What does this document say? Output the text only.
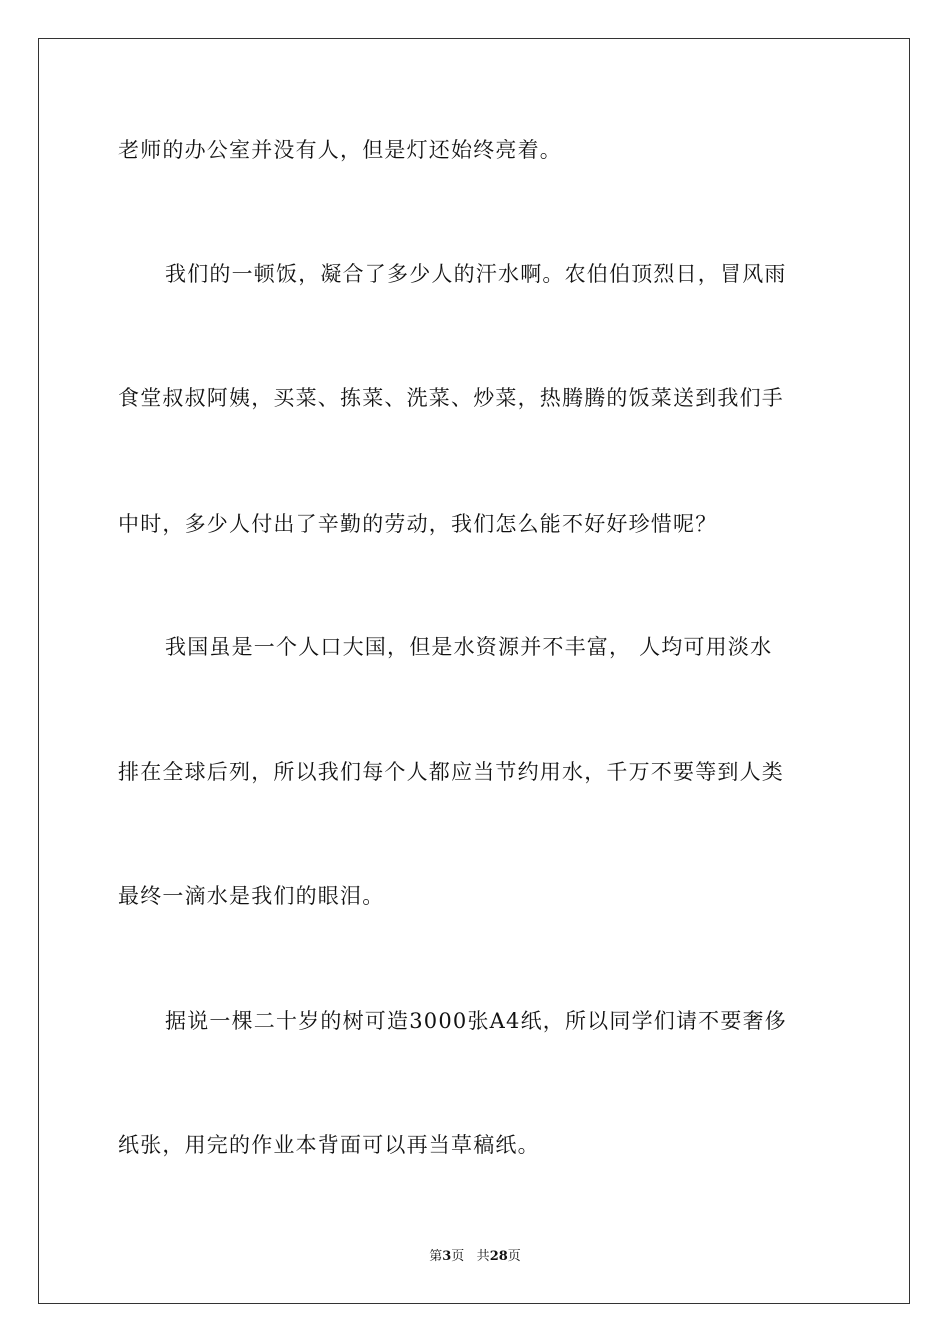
老师的办公室并没有人，但是灯还始终亮着。
我们的一顿饭，凝合了多少人的汗水啊。农伯伯顶烈日，冒风雨
食堂叔叔阿姨，买菜、拣菜、洗菜、炒菜，热腾腾的饭菜送到我们手
中时，多少人付出了辛勤的劳动，我们怎么能不好好珍惜呢？
我国虽是一个人口大国，但是水资源并不丰富， 人均可用淡水
排在全球后列，所以我们每个人都应当节约用水，千万不要等到人类
最终一滴水是我们的眼泪。
据说一棵二十岁的树可造3000张A4纸，所以同学们请不要奢侈
纸张，用完的作业本背面可以再当草稿纸。
第3页 共28页
